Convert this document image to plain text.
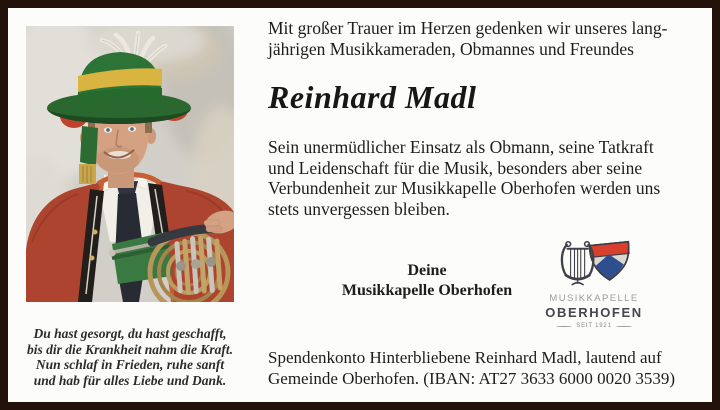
Du hast gesorgt, du hast geschafft,
bis dir die Krankheit nahm die Kraft.
Nun schlaf in Frieden, ruhe sanft
und hab für alles Liebe und Dank.
Mit großer Trauer im Herzen gedenken wir unseres lang-
jährigen Musikkameraden, Obmannes und Freundes
Reinhard Madl
Sein unermüdlicher Einsatz als Obmann, seine Tatkraft
und Leidenschaft für die Musik, besonders aber seine
Verbundenheit zur Musikkapelle Oberhofen werden uns
stets unvergessen bleiben.
Deine
Musikkapelle Oberhofen	MUSIKKAPELLE
OBERHOFEN
SEIT 1921
Spendenkonto Hinterbliebene Reinhard Madl, lautend auf
Gemeinde Oberhofen. (IBAN: AT27 3633 6000 0020 3539)
